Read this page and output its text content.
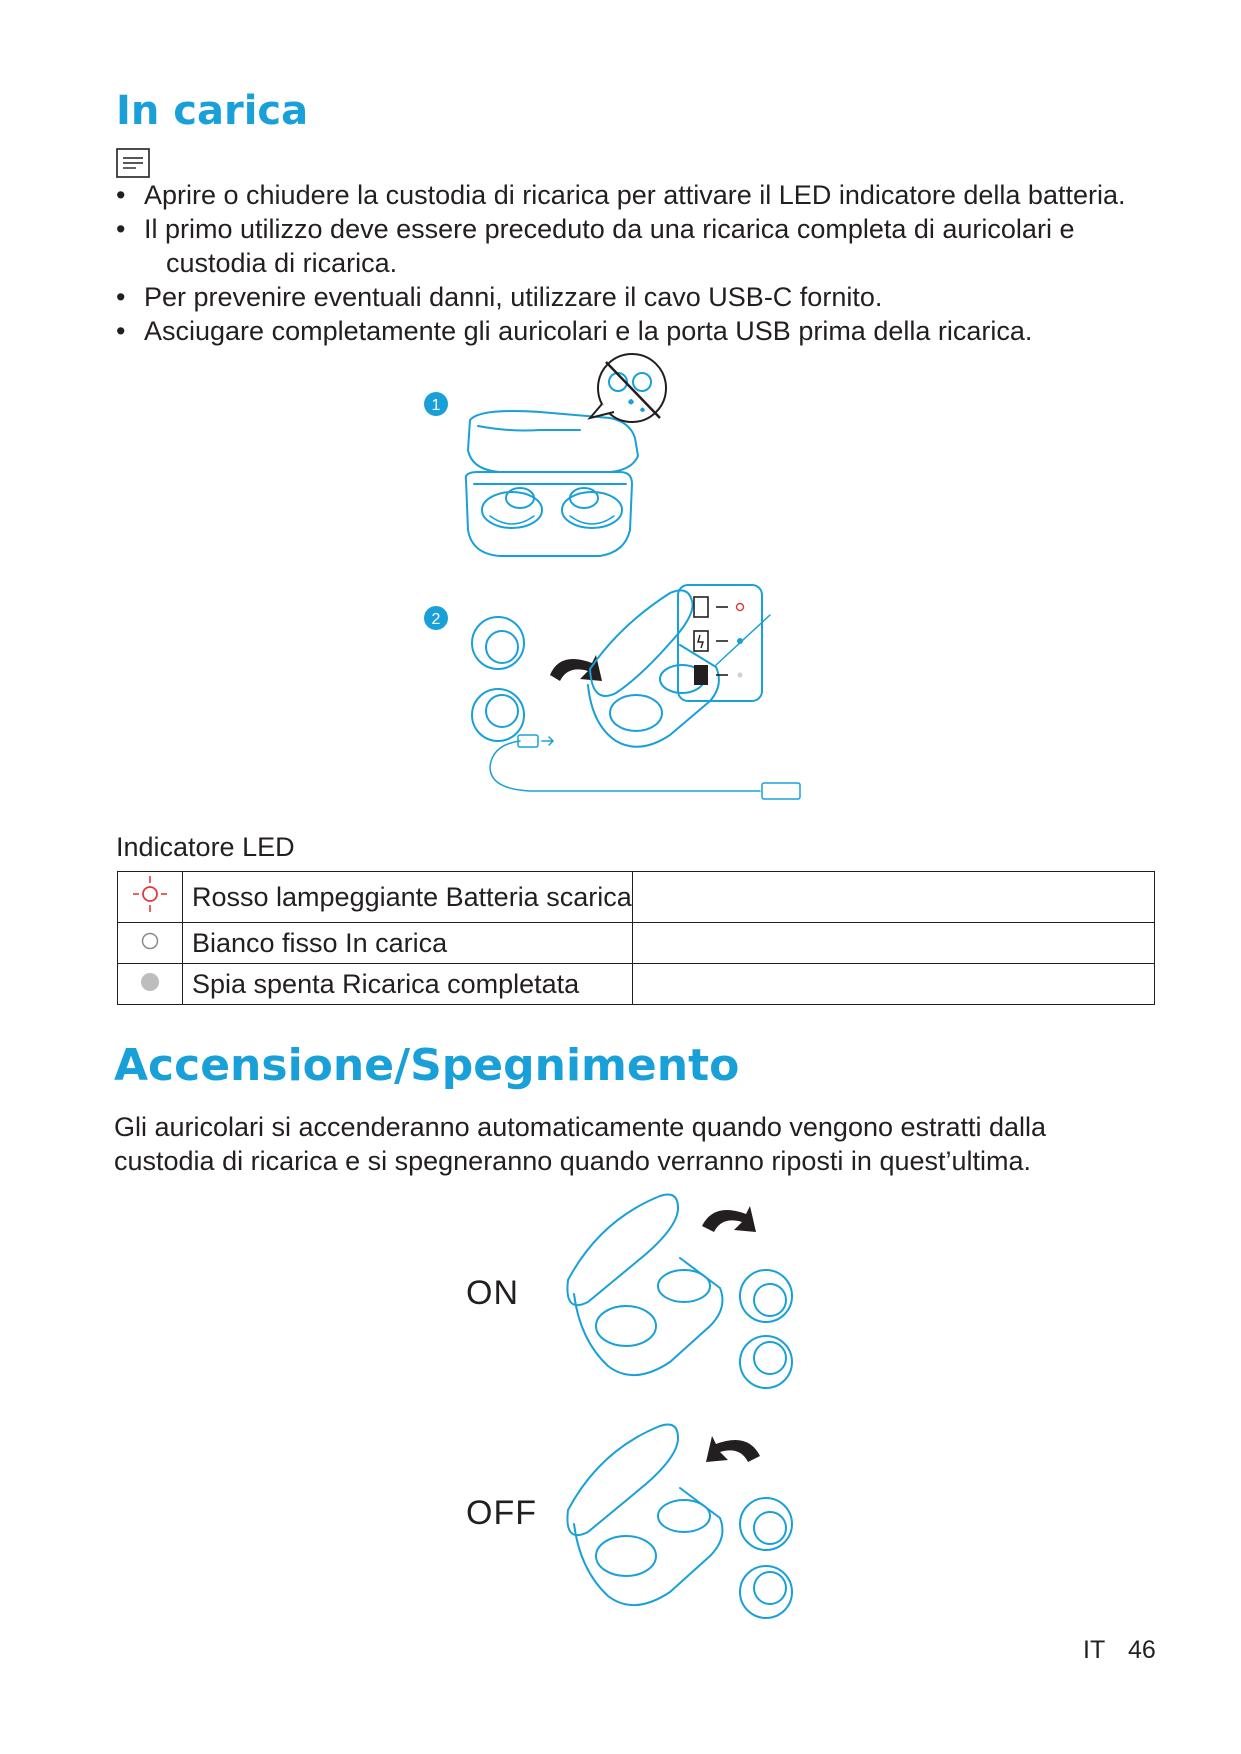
In carica
• Aprire o chiudere la custodia di ricarica per attivare il LED indicatore della batteria.
• Il primo utilizzo deve essere preceduto da una ricarica completa di auricolari e
custodia di ricarica.
• Per prevenire eventuali danni, utilizzare il cavo USB-C fornito.
• Asciugare completamente gli auricolari e la porta USB prima della ricarica.
1
2
Indicatore LED
	Rosso lampeggiante Batteria scarica	
	Bianco fisso In carica	
	Spia spenta Ricarica completata	
Accensione/Spegnimento
Gli auricolari si accenderanno automaticamente quando vengono estratti dalla
custodia di ricarica e si spegneranno quando verranno riposti in quest’ultima.
ON
OFF
IT 46
